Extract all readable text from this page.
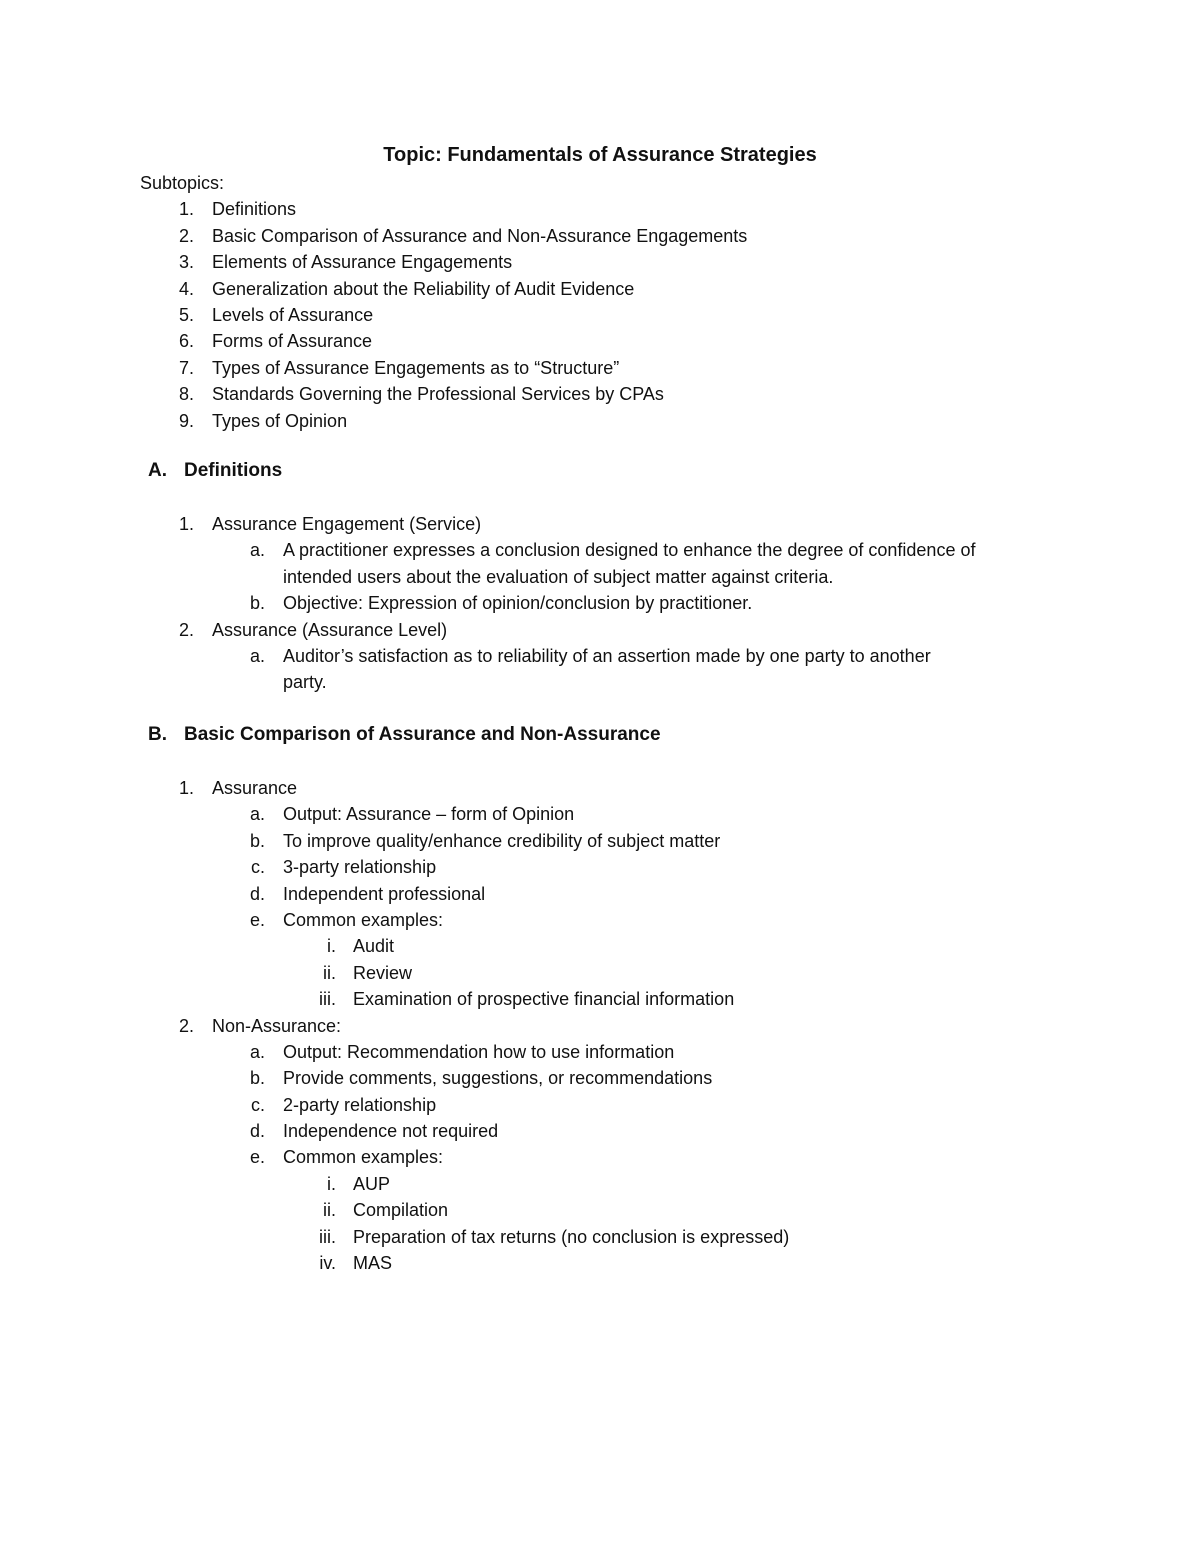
Topic: Fundamentals of Assurance Strategies
Subtopics:
1. Definitions
2. Basic Comparison of Assurance and Non-Assurance Engagements
3. Elements of Assurance Engagements
4. Generalization about the Reliability of Audit Evidence
5. Levels of Assurance
6. Forms of Assurance
7. Types of Assurance Engagements as to “Structure”
8. Standards Governing the Professional Services by CPAs
9. Types of Opinion
A. Definitions
1. Assurance Engagement (Service)
a. A practitioner expresses a conclusion designed to enhance the degree of confidence of
intended users about the evaluation of subject matter against criteria.
b. Objective: Expression of opinion/conclusion by practitioner.
2. Assurance (Assurance Level)
a. Auditor’s satisfaction as to reliability of an assertion made by one party to another
party.
B. Basic Comparison of Assurance and Non-Assurance
1. Assurance
a. Output: Assurance – form of Opinion
b. To improve quality/enhance credibility of subject matter
c. 3-party relationship
d. Independent professional
e. Common examples:
i. Audit
ii. Review
iii. Examination of prospective financial information
2. Non-Assurance:
a. Output: Recommendation how to use information
b. Provide comments, suggestions, or recommendations
c. 2-party relationship
d. Independence not required
e. Common examples:
i. AUP
ii. Compilation
iii. Preparation of tax returns (no conclusion is expressed)
iv. MAS
